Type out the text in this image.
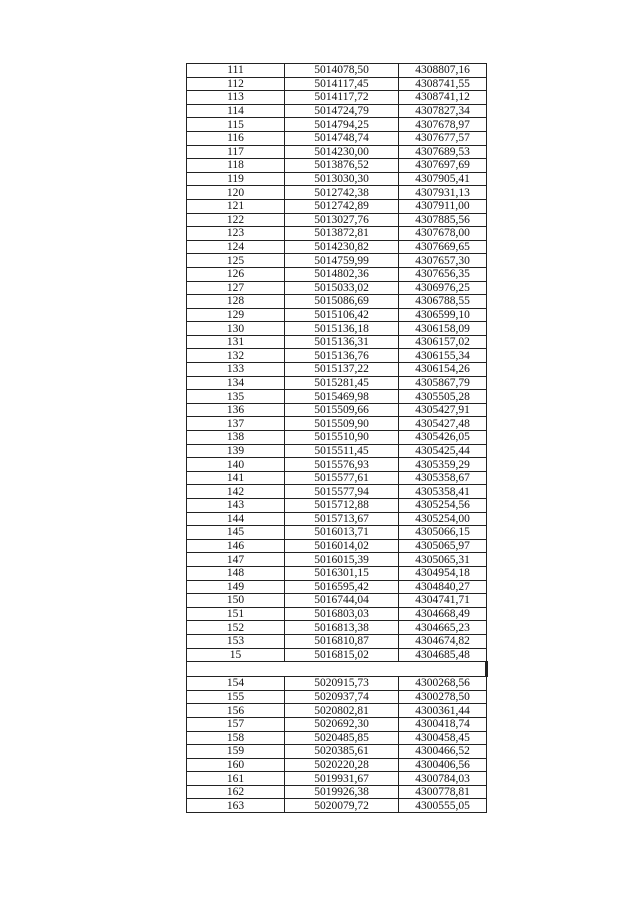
111	5014078,50	4308807,16
112	5014117,45	4308741,55
113	5014117,72	4308741,12
114	5014724,79	4307827,34
115	5014794,25	4307678,97
116	5014748,74	4307677,57
117	5014230,00	4307689,53
118	5013876,52	4307697,69
119	5013030,30	4307905,41
120	5012742,38	4307931,13
121	5012742,89	4307911,00
122	5013027,76	4307885,56
123	5013872,81	4307678,00
124	5014230,82	4307669,65
125	5014759,99	4307657,30
126	5014802,36	4307656,35
127	5015033,02	4306976,25
128	5015086,69	4306788,55
129	5015106,42	4306599,10
130	5015136,18	4306158,09
131	5015136,31	4306157,02
132	5015136,76	4306155,34
133	5015137,22	4306154,26
134	5015281,45	4305867,79
135	5015469,98	4305505,28
136	5015509,66	4305427,91
137	5015509,90	4305427,48
138	5015510,90	4305426,05
139	5015511,45	4305425,44
140	5015576,93	4305359,29
141	5015577,61	4305358,67
142	5015577,94	4305358,41
143	5015712,88	4305254,56
144	5015713,67	4305254,00
145	5016013,71	4305066,15
146	5016014,02	4305065,97
147	5016015,39	4305065,31
148	5016301,15	4304954,18
149	5016595,42	4304840,27
150	5016744,04	4304741,71
151	5016803,03	4304668,49
152	5016813,38	4304665,23
153	5016810,87	4304674,82
15	5016815,02	4304685,48

154	5020915,73	4300268,56
155	5020937,74	4300278,50
156	5020802,81	4300361,44
157	5020692,30	4300418,74
158	5020485,85	4300458,45
159	5020385,61	4300466,52
160	5020220,28	4300406,56
161	5019931,67	4300784,03
162	5019926,38	4300778,81
163	5020079,72	4300555,05
